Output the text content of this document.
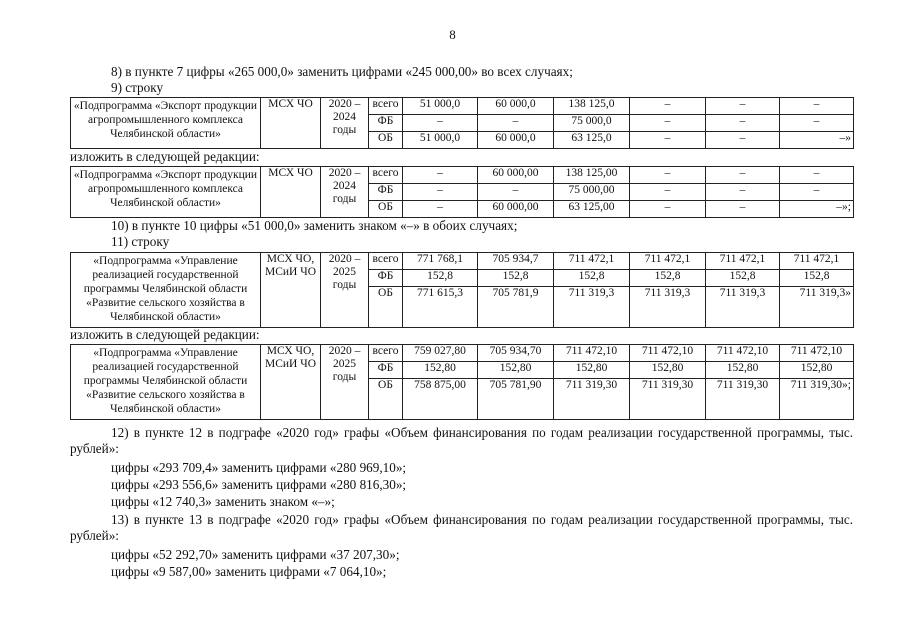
8
8) в пункте 7 цифры «265 000,0» заменить цифрами «245 000,00» во всех случаях;
9) строку
«Подпрограмма «Экспорт продукции агропромышленного комплекса Челябинской области»	МСХ ЧО	2020 – 2024 годы	всего	51 000,0	60 000,0	138 125,0	–	–	–
			ФБ	–	–	75 000,0	–	–	–
			ОБ	51 000,0	60 000,0	63 125,0	–	–	–»
изложить в следующей редакции:
«Подпрограмма «Экспорт продукции агропромышленного комплекса Челябинской области»	МСХ ЧО	2020 – 2024 годы	всего	–	60 000,00	138 125,00	–	–	–
			ФБ	–	–	75 000,00	–	–	–
			ОБ	–	60 000,00	63 125,00	–	–	–»;
10) в пункте 10 цифры «51 000,0» заменить знаком «–» в обоих случаях;
11) строку
«Подпрограмма «Управление реализацией государственной программы Челябинской области «Развитие сельского хозяйства в Челябинской области»	МСХ ЧО, МСиИ ЧО	2020 – 2025 годы	всего	771 768,1	705 934,7	711 472,1	711 472,1	711 472,1	711 472,1
			ФБ	152,8	152,8	152,8	152,8	152,8	152,8
			ОБ	771 615,3	705 781,9	711 319,3	711 319,3	711 319,3	711 319,3»
изложить в следующей редакции:
«Подпрограмма «Управление реализацией государственной программы Челябинской области «Развитие сельского хозяйства в Челябинской области»	МСХ ЧО, МСиИ ЧО	2020 – 2025 годы	всего	759 027,80	705 934,70	711 472,10	711 472,10	711 472,10	711 472,10
			ФБ	152,80	152,80	152,80	152,80	152,80	152,80
			ОБ	758 875,00	705 781,90	711 319,30	711 319,30	711 319,30	711 319,30»;
12) в пункте 12 в подграфе «2020 год» графы «Объем финансирования по годам реализации государственной программы, тыс. рублей»:
цифры «293 709,4» заменить цифрами «280 969,10»;
цифры «293 556,6» заменить цифрами «280 816,30»;
цифры «12 740,3» заменить знаком «–»;
13) в пункте 13 в подграфе «2020 год» графы «Объем финансирования по годам реализации государственной программы, тыс. рублей»:
цифры «52 292,70» заменить цифрами «37 207,30»;
цифры «9 587,00» заменить цифрами «7 064,10»;
